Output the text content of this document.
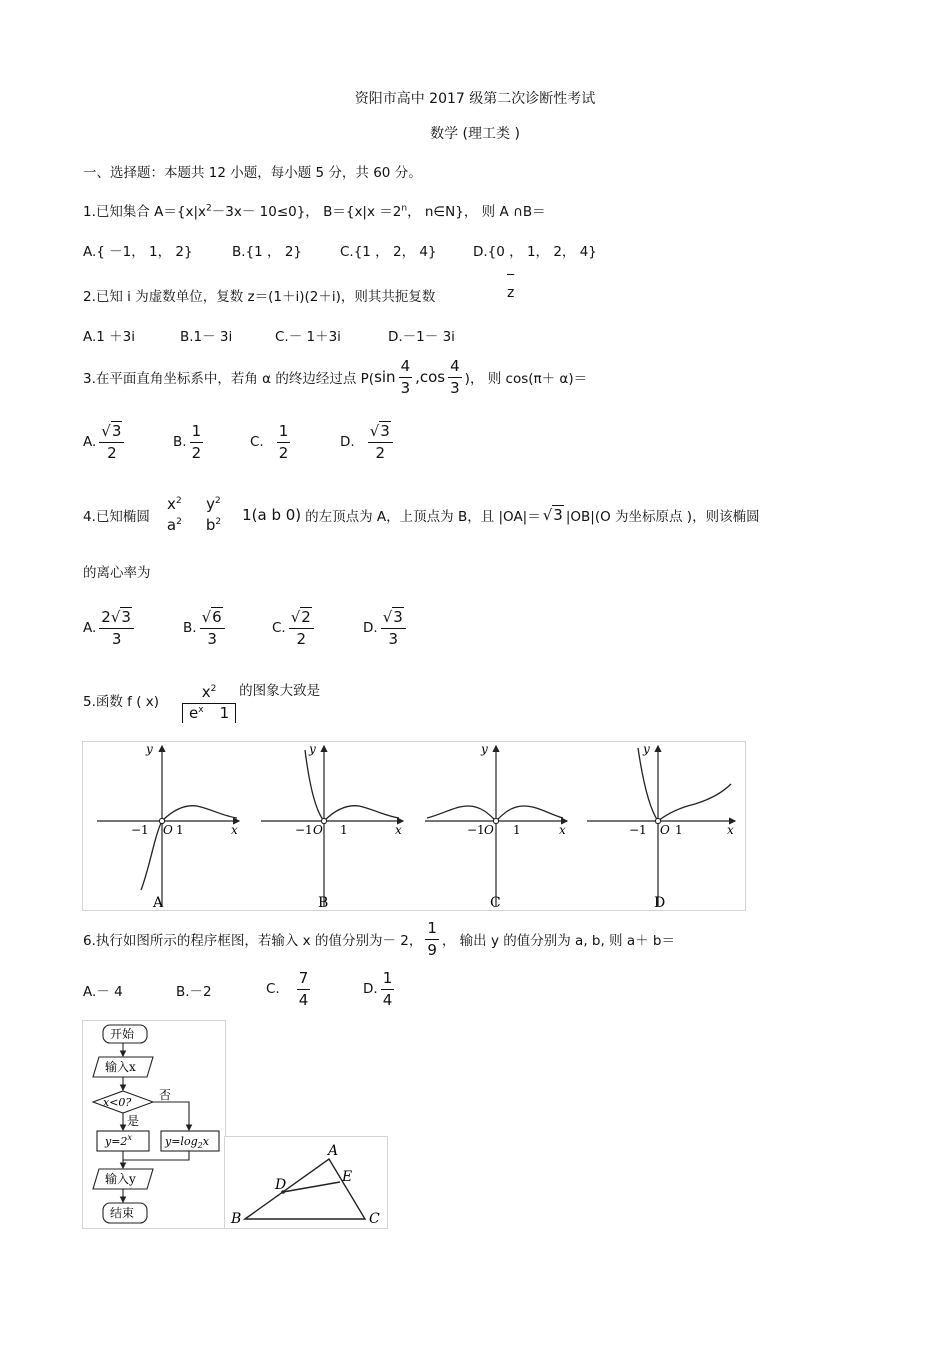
资阳市高中 2017 级第二次诊断性考试
数学 (理工类 )
一、选择题：本题共 12 小题，每小题 5 分，共 60 分。
1.已知集合 $A=\{x|x^2-3x- 10\le 0\}$， $B=\{x|x =2^n$， n∈N}， 则 A ∩B＝
A.{ －1， 1， 2}	B.{1 ， 2}	C.{1 ， 2， 4}	D.{0 ， 1， 2， 4}
2.已知 i 为虚数单位，复数 z＝(1＋i)(2＋i)，则其共扼复数
‾
z
A.1 ＋3i	B.1－ 3i	C.－ 1＋3i	D.－1－ 3i
3.在平面直角坐标系中，若角 α 的终边经过点 P( $\sin \frac{4}{3} ,\cos \frac{4}{3}$ )， 则 cos(π＋ α)＝
A. $\frac{√3}{2}$	B. $\frac{1}{2}$	C. $\frac{1}{2}$	D. $\frac{√3}{2}$
4.已知椭圆
$x^2$
$a^2$
$y^2$
$b^2$ 1(a b 0) 的左顶点为 A，上顶点为 B，且 |OA|＝ √3 |OB|(O 为坐标原点 )，则该椭圆
的离心率为
A. $\frac{2√3}{3}$	B. $\frac{√6}{3}$	C. $\frac{√2}{2}$	D. $\frac{√3}{3}$
5.函数 f ( $x) \frac{x^2}{e^x 1}$ 的图象大致是
y
x
−1 O 1
A
y
x
−1 O 1
B
y
x
−1 O 1
C
y
x
−1 O 1
D
6.执行如图所示的程序框图，若输入 x 的值分别为－ 2， $\frac{1}{9}$ ， 输出 y 的值分别为 a, b, 则 a＋ b＝
A.－ 4	B.－2	C. $\frac{7}{4}$	D. $\frac{1}{4}$
开始
输入x
x<0?
否
是
$y=2^x$	$y=\log_2x$
输入y
结束
A
B	C
D	E
